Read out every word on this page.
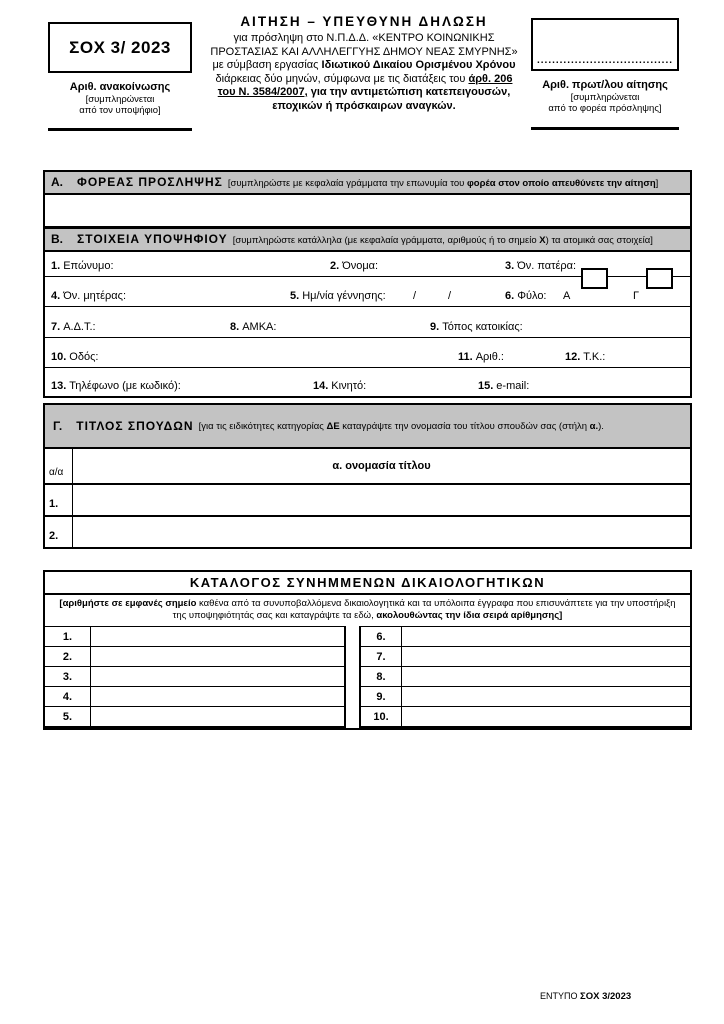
ΣΟΧ 3/ 2023
Αριθ. ανακοίνωσης
[συμπληρώνεται
από τον υποψήφιο]
ΑΙΤΗΣΗ – ΥΠΕΥΘΥΝΗ ΔΗΛΩΣΗ
για πρόσληψη στο Ν.Π.Δ.Δ. «ΚΕΝΤΡΟ ΚΟΙΝΩΝΙΚΗΣ ΠΡΟΣΤΑΣΙΑΣ ΚΑΙ ΑΛΛΗΛΕΓΓΥΗΣ ΔΗΜΟΥ ΝΕΑΣ ΣΜΥΡΝΗΣ» με σύμβαση εργασίας Ιδιωτικού Δικαίου Ορισμένου Χρόνου διάρκειας δύο μηνών, σύμφωνα με τις διατάξεις του άρθ. 206 του Ν. 3584/2007, για την αντιμετώπιση κατεπειγουσών, εποχικών ή πρόσκαιρων αναγκών.
....................................
Αριθ. πρωτ/λου αίτησης
[συμπληρώνεται
από το φορέα πρόσληψης]
Α. ΦΟΡΕΑΣ ΠΡΟΣΛΗΨΗΣ [συμπληρώστε με κεφαλαία γράμματα την επωνυμία του φορέα στον οποίο απευθύνετε την αίτηση]
Β. ΣΤΟΙΧΕΙΑ ΥΠΟΨΗΦΙΟΥ [συμπληρώστε κατάλληλα (με κεφαλαία γράμματα, αριθμούς ή το σημείο Χ) τα ατομικά σας στοιχεία]
1. Επώνυμο:	2. Όνομα:	3. Όν. πατέρα:
4. Όν. μητέρας:	5. Ημ/νία γέννησης: /	/	6. Φύλο: Α	Γ
7. Α.Δ.Τ.:	8. ΑΜΚΑ:	9. Τόπος κατοικίας:
10. Οδός:	11. Αριθ.:	12. Τ.Κ.:
13. Τηλέφωνο (με κωδικό):	14. Κινητό:	15. e-mail:
Γ. ΤΙΤΛΟΣ ΣΠΟΥΔΩΝ [για τις ειδικότητες κατηγορίας ΔΕ καταγράψτε την ονομασία του τίτλου σπουδών σας (στήλη α.).
α/α
α. ονομασία τίτλου
1.
2.
ΚΑΤΑΛΟΓΟΣ ΣΥΝΗΜΜΕΝΩΝ ΔΙΚΑΙΟΛΟΓΗΤΙΚΩΝ
[αριθμήστε σε εμφανές σημείο καθένα από τα συνυποβαλλόμενα δικαιολογητικά και τα υπόλοιπα έγγραφα που επισυνάπτετε για την υποστήριξη της υποψηφιότητάς σας και καταγράψτε τα εδώ, ακολουθώντας την ίδια σειρά αρίθμησης]
1.
2.
3.
4.
5.
6.
7.
8.
9.
10.
ΕΝΤΥΠΟ ΣΟΧ 3/2023
